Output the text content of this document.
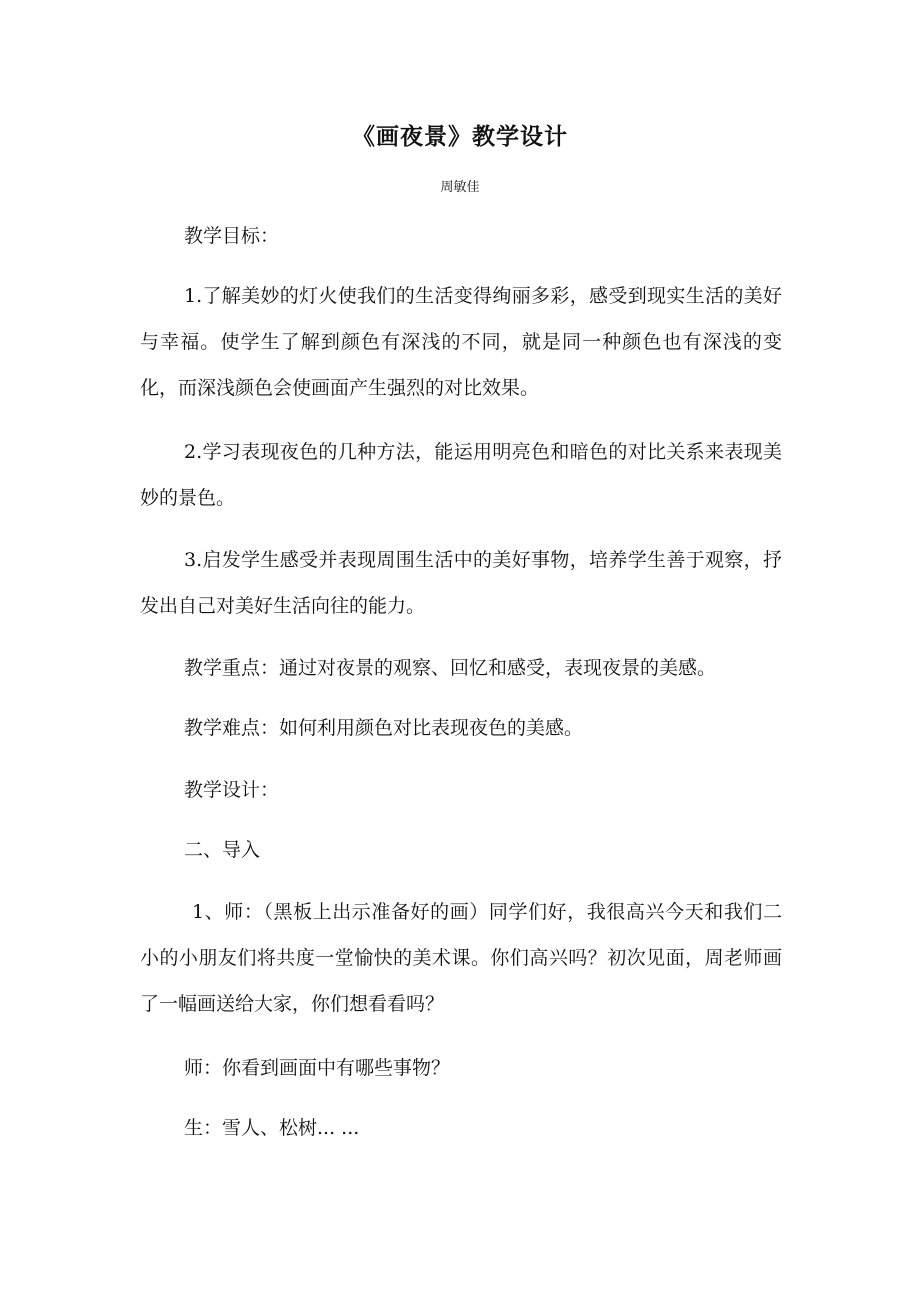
《画夜景》教学设计

周敏佳

教学目标：

1.了解美妙的灯火使我们的生活变得绚丽多彩，感受到现实生活的美好与幸福。使学生了解到颜色有深浅的不同，就是同一种颜色也有深浅的变化，而深浅颜色会使画面产生强烈的对比效果。

2.学习表现夜色的几种方法，能运用明亮色和暗色的对比关系来表现美妙的景色。

3.启发学生感受并表现周围生活中的美好事物，培养学生善于观察，抒发出自己对美好生活向往的能力。

教学重点：通过对夜景的观察、回忆和感受，表现夜景的美感。

教学难点：如何利用颜色对比表现夜色的美感。

教学设计：

二、导入

1、师：（黑板上出示准备好的画）同学们好，我很高兴今天和我们二小的小朋友们将共度一堂愉快的美术课。你们高兴吗？初次见面，周老师画了一幅画送给大家，你们想看看吗？

师：你看到画面中有哪些事物？

生：雪人、松树... ...
